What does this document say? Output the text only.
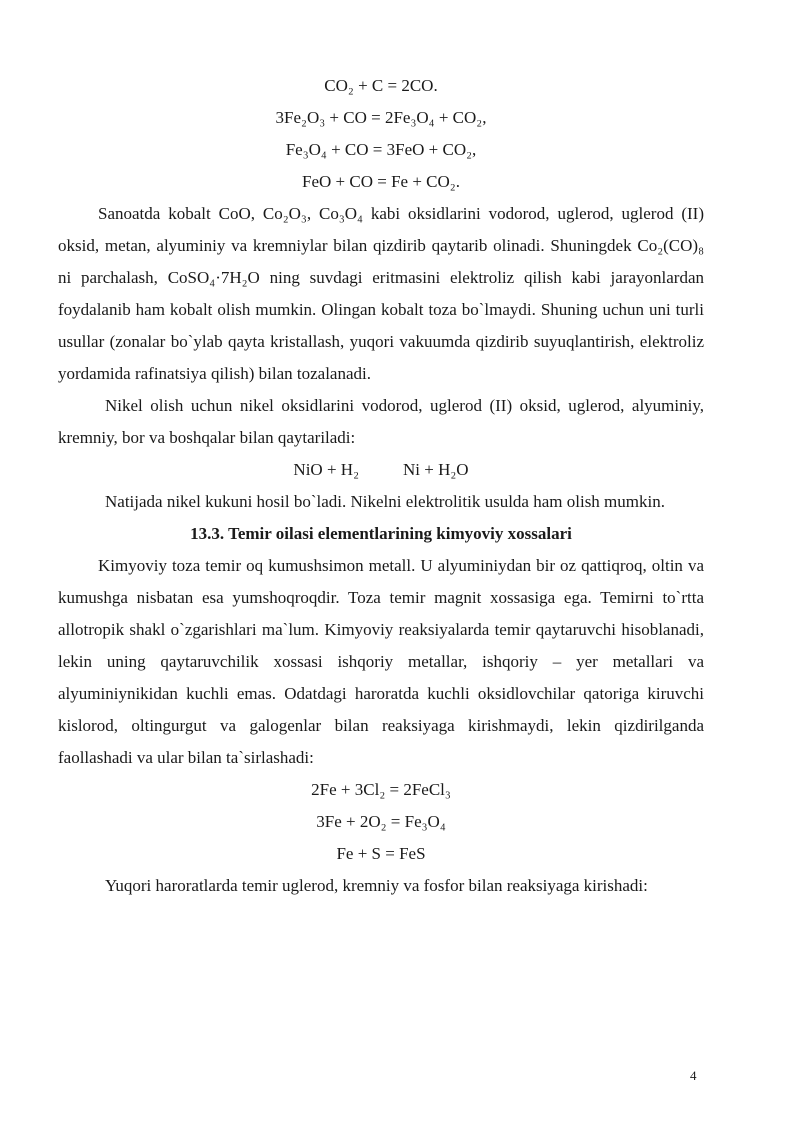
CO₂ + C = 2CO.
3Fe₂O₃ + CO = 2Fe₃O₄ + CO₂,
Fe₃O₄ + CO = 3FeO + CO₂,
FeO + CO = Fe + CO₂.

Sanoatda kobalt CoO, Co₂O₃, Co₃O₄ kabi oksidlarini vodorod, uglerod, uglerod (II) oksid, metan, alyuminiy va kremniylar bilan qizdirib qaytarib olinadi. Shuningdek Co₂(CO)₈ ni parchalash, CoSO₄·7H₂O ning suvdagi eritmasini elektroliz qilish kabi jarayonlardan foydalanib ham kobalt olish mumkin. Olingan kobalt toza bo`lmaydi. Shuning uchun uni turli usullar (zonalar bo`ylab qayta kristallash, yuqori vakuumda qizdirib suyuqlantirish, elektroliz yordamida rafinatsiya qilish) bilan tozalanadi.

Nikel olish uchun nikel oksidlarini vodorod, uglerod (II) oksid, uglerod, alyuminiy, kremniy, bor va boshqalar bilan qaytariladi:

NiO + H₂	Ni + H₂O

Natijada nikel kukuni hosil bo`ladi. Nikelni elektrolitik usulda ham olish mumkin.

13.3. Temir oilasi elementlarining kimyoviy xossalari

Kimyoviy toza temir oq kumushsimon metall. U alyuminiydan bir oz qattiqroq, oltin va kumushga nisbatan esa yumshoqroqdir. Toza temir magnit xossasiga ega. Temirni to`rtta allotropik shakl o`zgarishlari ma`lum. Kimyoviy reaksiyalarda temir qaytaruvchi hisoblanadi, lekin uning qaytaruvchilik xossasi ishqoriy metallar, ishqoriy – yer metallari va alyuminiynikidan kuchli emas. Odatdagi haroratda kuchli oksidlovchilar qatoriga kiruvchi kislorod, oltingurgut va galogenlar bilan reaksiyaga kirishmaydi, lekin qizdirilganda faollashadi va ular bilan ta`sirlashadi:

2Fe + 3Cl₂ = 2FeCl₃
3Fe + 2O₂ = Fe₃O₄
Fe + S = FeS

Yuqori haroratlarda temir uglerod, kremniy va fosfor bilan reaksiyaga kirishadi:

4
